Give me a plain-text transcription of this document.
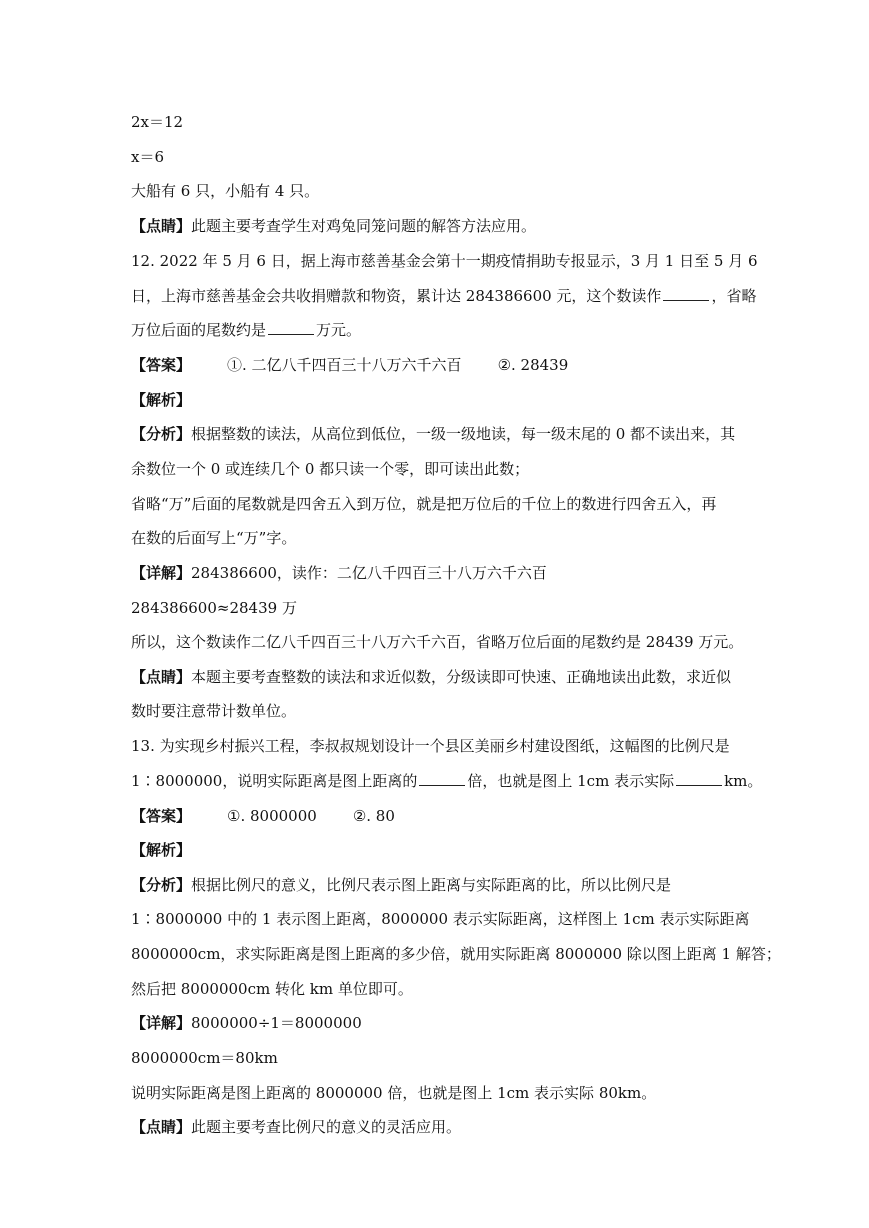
2x＝12
x＝6
大船有 6 只，小船有 4 只。
【点睛】此题主要考查学生对鸡兔同笼问题的解答方法应用。
12. 2022 年 5 月 6 日，据上海市慈善基金会第十一期疫情捐助专报显示，3 月 1 日至 5 月 6
日，上海市慈善基金会共收捐赠款和物资，累计达 284386600 元，这个数读作	，省略
万位后面的尾数约是	万元。
【答案】 ①. 二亿八千四百三十八万六千六百 ②. 28439
【解析】
【分析】根据整数的读法，从高位到低位，一级一级地读，每一级末尾的 0 都不读出来，其
余数位一个 0 或连续几个 0 都只读一个零，即可读出此数；
省略“万”后面的尾数就是四舍五入到万位，就是把万位后的千位上的数进行四舍五入，再
在数的后面写上“万”字。
【详解】284386600，读作：二亿八千四百三十八万六千六百
284386600≈28439 万
所以，这个数读作二亿八千四百三十八万六千六百，省略万位后面的尾数约是 28439 万元。
【点睛】本题主要考查整数的读法和求近似数，分级读即可快速、正确地读出此数，求近似
数时要注意带计数单位。
13. 为实现乡村振兴工程，李叔叔规划设计一个县区美丽乡村建设图纸，这幅图的比例尺是
1∶8000000，说明实际距离是图上距离的	倍，也就是图上 1cm 表示实际	km。
【答案】 ①. 8000000 ②. 80
【解析】
【分析】根据比例尺的意义，比例尺表示图上距离与实际距离的比，所以比例尺是
1∶8000000 中的 1 表示图上距离，8000000 表示实际距离，这样图上 1cm 表示实际距离
8000000cm，求实际距离是图上距离的多少倍，就用实际距离 8000000 除以图上距离 1 解答；
然后把 8000000cm 转化 km 单位即可。
【详解】8000000÷1＝8000000
8000000cm＝80km
说明实际距离是图上距离的 8000000 倍，也就是图上 1cm 表示实际 80km。
【点睛】此题主要考查比例尺的意义的灵活应用。
